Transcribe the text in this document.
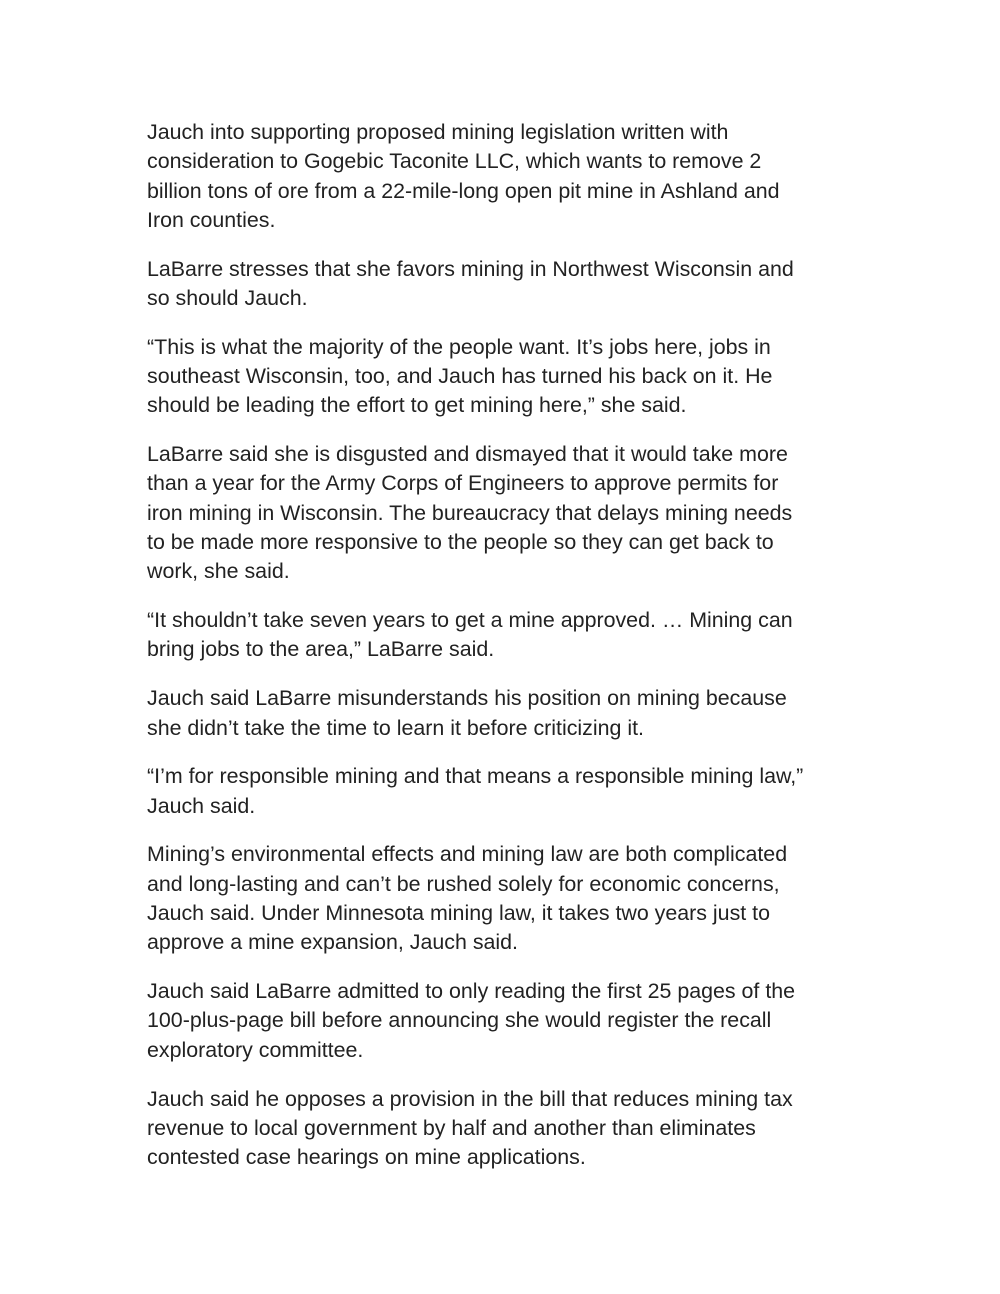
Jauch into supporting proposed mining legislation written with
consideration to Gogebic Taconite LLC, which wants to remove 2
billion tons of ore from a 22-mile-long open pit mine in Ashland and
Iron counties.

LaBarre stresses that she favors mining in Northwest Wisconsin and
so should Jauch.

“This is what the majority of the people want. It’s jobs here, jobs in
southeast Wisconsin, too, and Jauch has turned his back on it. He
should be leading the effort to get mining here,” she said.

LaBarre said she is disgusted and dismayed that it would take more
than a year for the Army Corps of Engineers to approve permits for
iron mining in Wisconsin. The bureaucracy that delays mining needs
to be made more responsive to the people so they can get back to
work, she said.

“It shouldn’t take seven years to get a mine approved. … Mining can
bring jobs to the area,” LaBarre said.

Jauch said LaBarre misunderstands his position on mining because
she didn’t take the time to learn it before criticizing it.

“I’m for responsible mining and that means a responsible mining law,”
Jauch said.

Mining’s environmental effects and mining law are both complicated
and long-lasting and can’t be rushed solely for economic concerns,
Jauch said. Under Minnesota mining law, it takes two years just to
approve a mine expansion, Jauch said.

Jauch said LaBarre admitted to only reading the first 25 pages of the
100-plus-page bill before announcing she would register the recall
exploratory committee.

Jauch said he opposes a provision in the bill that reduces mining tax
revenue to local government by half and another than eliminates
contested case hearings on mine applications.
